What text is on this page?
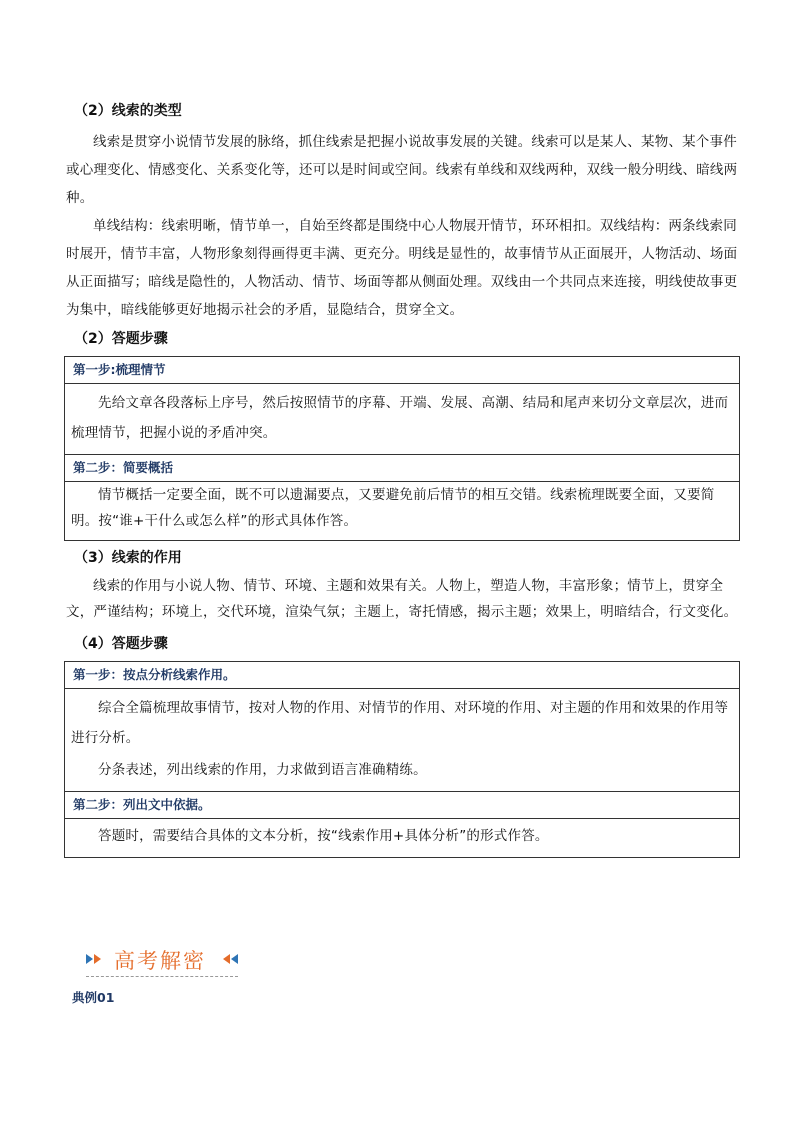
（2）线索的类型
线索是贯穿小说情节发展的脉络，抓住线索是把握小说故事发展的关键。线索可以是某人、某物、某个事件或心理变化、情感变化、关系变化等，还可以是时间或空间。线索有单线和双线两种，双线一般分明线、暗线两种。
单线结构：线索明晰，情节单一，自始至终都是围绕中心人物展开情节，环环相扣。双线结构：两条线索同时展开，情节丰富，人物形象刻得画得更丰满、更充分。明线是显性的，故事情节从正面展开，人物活动、场面从正面描写；暗线是隐性的，人物活动、情节、场面等都从侧面处理。双线由一个共同点来连接，明线使故事更为集中，暗线能够更好地揭示社会的矛盾，显隐结合，贯穿全文。
（2）答题步骤
第一步:梳理情节
先给文章各段落标上序号，然后按照情节的序幕、开端、发展、高潮、结局和尾声来切分文章层次，进而梳理情节，把握小说的矛盾冲突。
第二步：简要概括
情节概括一定要全面，既不可以遗漏要点，又要避免前后情节的相互交错。线索梳理既要全面，又要简明。按“谁+干什么或怎么样”的形式具体作答。
（3）线索的作用
线索的作用与小说人物、情节、环境、主题和效果有关。人物上，塑造人物，丰富形象；情节上，贯穿全文，严谨结构；环境上，交代环境，渲染气氛；主题上，寄托情感，揭示主题；效果上，明暗结合，行文变化。
（4）答题步骤
第一步：按点分析线索作用。
综合全篇梳理故事情节，按对人物的作用、对情节的作用、对环境的作用、对主题的作用和效果的作用等进行分析。
分条表述，列出线索的作用，力求做到语言准确精练。
第二步：列出文中依据。
答题时，需要结合具体的文本分析，按“线索作用+具体分析”的形式作答。
高考解密
典例01
